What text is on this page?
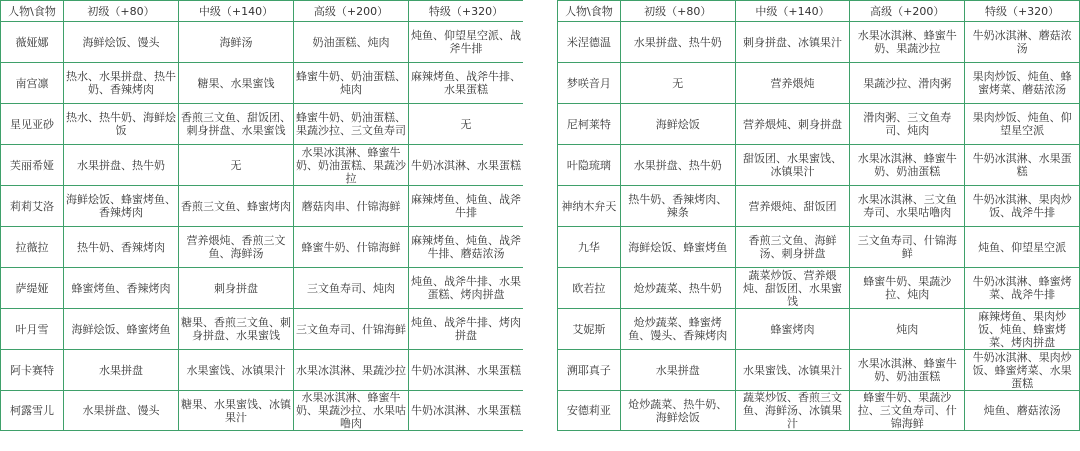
人物\食物	初级（+80）	中级（+140）	高级（+200）	特级（+320）
薇娅娜	海鲜烩饭、馒头	海鲜汤	奶油蛋糕、炖肉	炖鱼、仰望星空派、战斧牛排
南宫凛	热水、水果拼盘、热牛奶、香辣烤肉	糖果、水果蜜饯	蜂蜜牛奶、奶油蛋糕、炖肉	麻辣烤鱼、战斧牛排、水果蛋糕
星见亚砂	热水、热牛奶、海鲜烩饭	香煎三文鱼、甜饭团、刺身拼盘、水果蜜饯	蜂蜜牛奶、奶油蛋糕、果蔬沙拉、三文鱼寿司	无
芙丽希娅	水果拼盘、热牛奶	无	水果冰淇淋、蜂蜜牛奶、奶油蛋糕、果蔬沙拉	牛奶冰淇淋、水果蛋糕
莉莉艾洛	海鲜烩饭、蜂蜜烤鱼、香辣烤肉	香煎三文鱼、蜂蜜烤肉	蘑菇肉串、什锦海鲜	麻辣烤鱼、炖鱼、战斧牛排
拉薇拉	热牛奶、香辣烤肉	营养煨炖、香煎三文鱼、海鲜汤	蜂蜜牛奶、什锦海鲜	麻辣烤鱼、炖鱼、战斧牛排、蘑菇浓汤
萨缇娅	蜂蜜烤鱼、香辣烤肉	刺身拼盘	三文鱼寿司、炖肉	炖鱼、战斧牛排、水果蛋糕、烤肉拼盘
叶月雪	海鲜烩饭、蜂蜜烤鱼	糖果、香煎三文鱼、刺身拼盘、水果蜜饯	三文鱼寿司、什锦海鲜	炖鱼、战斧牛排、烤肉拼盘
阿卡赛特	水果拼盘	水果蜜饯、冰镇果汁	水果冰淇淋、果蔬沙拉	牛奶冰淇淋、水果蛋糕
柯露雪儿	水果拼盘、馒头	糖果、水果蜜饯、冰镇果汁	水果冰淇淋、蜂蜜牛奶、果蔬沙拉、水果咕噜肉	牛奶冰淇淋、水果蛋糕
人物\食物	初级（+80）	中级（+140）	高级（+200）	特级（+320）
米涅德温	水果拼盘、热牛奶	刺身拼盘、冰镇果汁	水果冰淇淋、蜂蜜牛奶、果蔬沙拉	牛奶冰淇淋、蘑菇浓汤
梦咲音月	无	营养煨炖	果蔬沙拉、滑肉粥	果肉炒饭、炖鱼、蜂蜜烤菜、蘑菇浓汤
尼柯莱特	海鲜烩饭	营养煨炖、刺身拼盘	滑肉粥、三文鱼寿司、炖肉	果肉炒饭、炖鱼、仰望星空派
叶隐琉璃	水果拼盘、热牛奶	甜饭团、水果蜜饯、冰镇果汁	水果冰淇淋、蜂蜜牛奶、奶油蛋糕	牛奶冰淇淋、水果蛋糕
神纳木弁天	热牛奶、香辣烤肉、辣条	营养煨炖、甜饭团	水果冰淇淋、三文鱼寿司、水果咕噜肉	牛奶冰淇淋、果肉炒饭、战斧牛排
九华	海鲜烩饭、蜂蜜烤鱼	香煎三文鱼、海鲜汤、刺身拼盘	三文鱼寿司、什锦海鲜	炖鱼、仰望星空派
欧若拉	炝炒蔬菜、热牛奶	蔬菜炒饭、营养煨炖、甜饭团、水果蜜饯	蜂蜜牛奶、果蔬沙拉、炖肉	牛奶冰淇淋、蜂蜜烤菜、战斧牛排
艾妮斯	炝炒蔬菜、蜂蜜烤鱼、馒头、香辣烤肉	蜂蜜烤肉	炖肉	麻辣烤鱼、果肉炒饭、炖鱼、蜂蜜烤菜、烤肉拼盘
溯耶真子	水果拼盘	水果蜜饯、冰镇果汁	水果冰淇淋、蜂蜜牛奶、奶油蛋糕	牛奶冰淇淋、果肉炒饭、蜂蜜烤菜、水果蛋糕
安德莉亚	炝炒蔬菜、热牛奶、海鲜烩饭	蔬菜炒饭、香煎三文鱼、海鲜汤、冰镇果汁	蜂蜜牛奶、果蔬沙拉、三文鱼寿司、什锦海鲜	炖鱼、蘑菇浓汤
